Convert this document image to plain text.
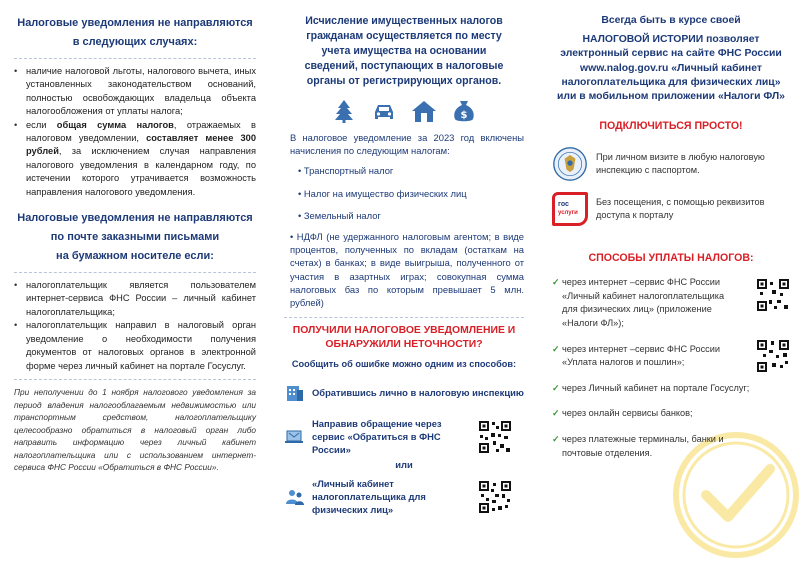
Налоговые уведомления не направляются
в следующих случаях:
• наличие налоговой льготы, налогового вычета, иных установленных законодательством оснований, полностью освобождающих владельца объекта налогообложения от уплаты налога;
• если общая сумма налогов, отражаемых в налоговом уведомлении, составляет менее 300 рублей, за исключением случая направления налогового уведомления в календарном году, по истечении которого утрачивается возможность направления налогового уведомления.
Налоговые уведомления не направляются
по почте заказными письмами
на бумажном носителе если:
• налогоплательщик является пользователем интернет-сервиса ФНС России – личный кабинет налогоплательщика;
• налогоплательщик направил в налоговый орган уведомление о необходимости получения документов от налоговых органов в электронной форме через личный кабинет на портале Госуслуг.
При неполучении до 1 ноября налогового уведомления за период владения налогооблагаемым недвижимостью или транспортным средством, налогоплательщику целесообразно обратиться в налоговый орган либо направить информацию через личный кабинет налогоплательщика или с использованием интернет-сервиса ФНС России «Обратиться в ФНС России».
Исчисление имущественных налогов гражданам осуществляется по месту учета имущества на основании сведений, поступающих в налоговые органы от регистрирующих органов.
$
В налоговое уведомление за 2023 год включены начисления по следующим налогам:
• Транспортный налог
• Налог на имущество физических лиц
• Земельный налог
• НДФЛ (не удержанного налоговым агентом; в виде процентов, полученных по вкладам (остаткам на счетах) в банках; в виде выигрыша, полученного от участия в азартных играх; совокупная сумма налоговых баз по которым превышает 5 млн. рублей)
ПОЛУЧИЛИ НАЛОГОВОЕ УВЕДОМЛЕНИЕ И
ОБНАРУЖИЛИ НЕТОЧНОСТИ?
Сообщить об ошибке можно одним из способов:
Обратившись лично в налоговую инспекцию
Направив обращение через сервис «Обратиться в ФНС России»
или
«Личный кабинет налогоплательщика для физических лиц»
Всегда быть в курсе своей
НАЛОГОВОЙ ИСТОРИИ позволяет
электронный сервис на сайте ФНС России
www.nalog.gov.ru «Личный кабинет
налогоплательщика для физических лиц»
или в мобильном приложении «Налоги ФЛ»
ПОДКЛЮЧИТЬСЯ ПРОСТО!
При личном визите в любую налоговую инспекцию с паспортом.
гос
услуги
Без посещения, с помощью реквизитов доступа к порталу
СПОСОБЫ УПЛАТЫ НАЛОГОВ:
✓ через интернет –сервис ФНС России «Личный кабинет налогоплательщика для физических лиц» (приложение «Налоги ФЛ»);
✓ через интернет –сервис ФНС России «Уплата налогов и пошлин»;
✓ через Личный кабинет на портале Госуслуг;
✓ через онлайн сервисы банков;
✓ через платежные терминалы, банки и почтовые отделения.
